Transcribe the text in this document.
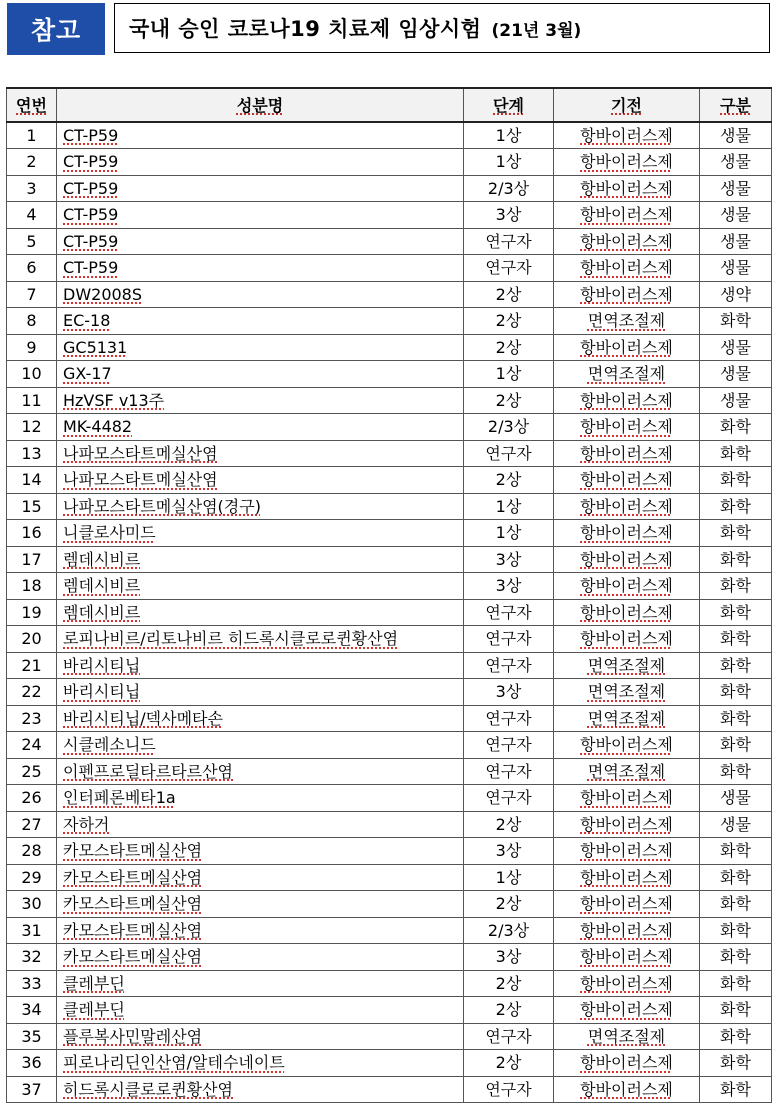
참고	국내 승인 코로나19 치료제 임상시험 (21년 3월)
연번	성분명	단계	기전	구분
1	CT-P59	1상	항바이러스제	생물
2	CT-P59	1상	항바이러스제	생물
3	CT-P59	2/3상	항바이러스제	생물
4	CT-P59	3상	항바이러스제	생물
5	CT-P59	연구자	항바이러스제	생물
6	CT-P59	연구자	항바이러스제	생물
7	DW2008S	2상	항바이러스제	생약
8	EC-18	2상	면역조절제	화학
9	GC5131	2상	항바이러스제	생물
10	GX-17	1상	면역조절제	생물
11	HzVSF v13주	2상	항바이러스제	생물
12	MK-4482	2/3상	항바이러스제	화학
13	나파모스타트메실산염	연구자	항바이러스제	화학
14	나파모스타트메실산염	2상	항바이러스제	화학
15	나파모스타트메실산염(경구)	1상	항바이러스제	화학
16	니클로사미드	1상	항바이러스제	화학
17	렘데시비르	3상	항바이러스제	화학
18	렘데시비르	3상	항바이러스제	화학
19	렘데시비르	연구자	항바이러스제	화학
20	로피나비르/리토나비르 히드록시클로로퀸황산염	연구자	항바이러스제	화학
21	바리시티닙	연구자	면역조절제	화학
22	바리시티닙	3상	면역조절제	화학
23	바리시티닙/덱사메타손	연구자	면역조절제	화학
24	시클레소니드	연구자	항바이러스제	화학
25	이펜프로딜타르타르산염	연구자	면역조절제	화학
26	인터페론베타1a	연구자	항바이러스제	생물
27	자하거	2상	항바이러스제	생물
28	카모스타트메실산염	3상	항바이러스제	화학
29	카모스타트메실산염	1상	항바이러스제	화학
30	카모스타트메실산염	2상	항바이러스제	화학
31	카모스타트메실산염	2/3상	항바이러스제	화학
32	카모스타트메실산염	3상	항바이러스제	화학
33	클레부딘	2상	항바이러스제	화학
34	클레부딘	2상	항바이러스제	화학
35	플루복사민말레산염	연구자	면역조절제	화학
36	피로나리딘인산염/알테수네이트	2상	항바이러스제	화학
37	히드록시클로로퀸황산염	연구자	항바이러스제	화학
